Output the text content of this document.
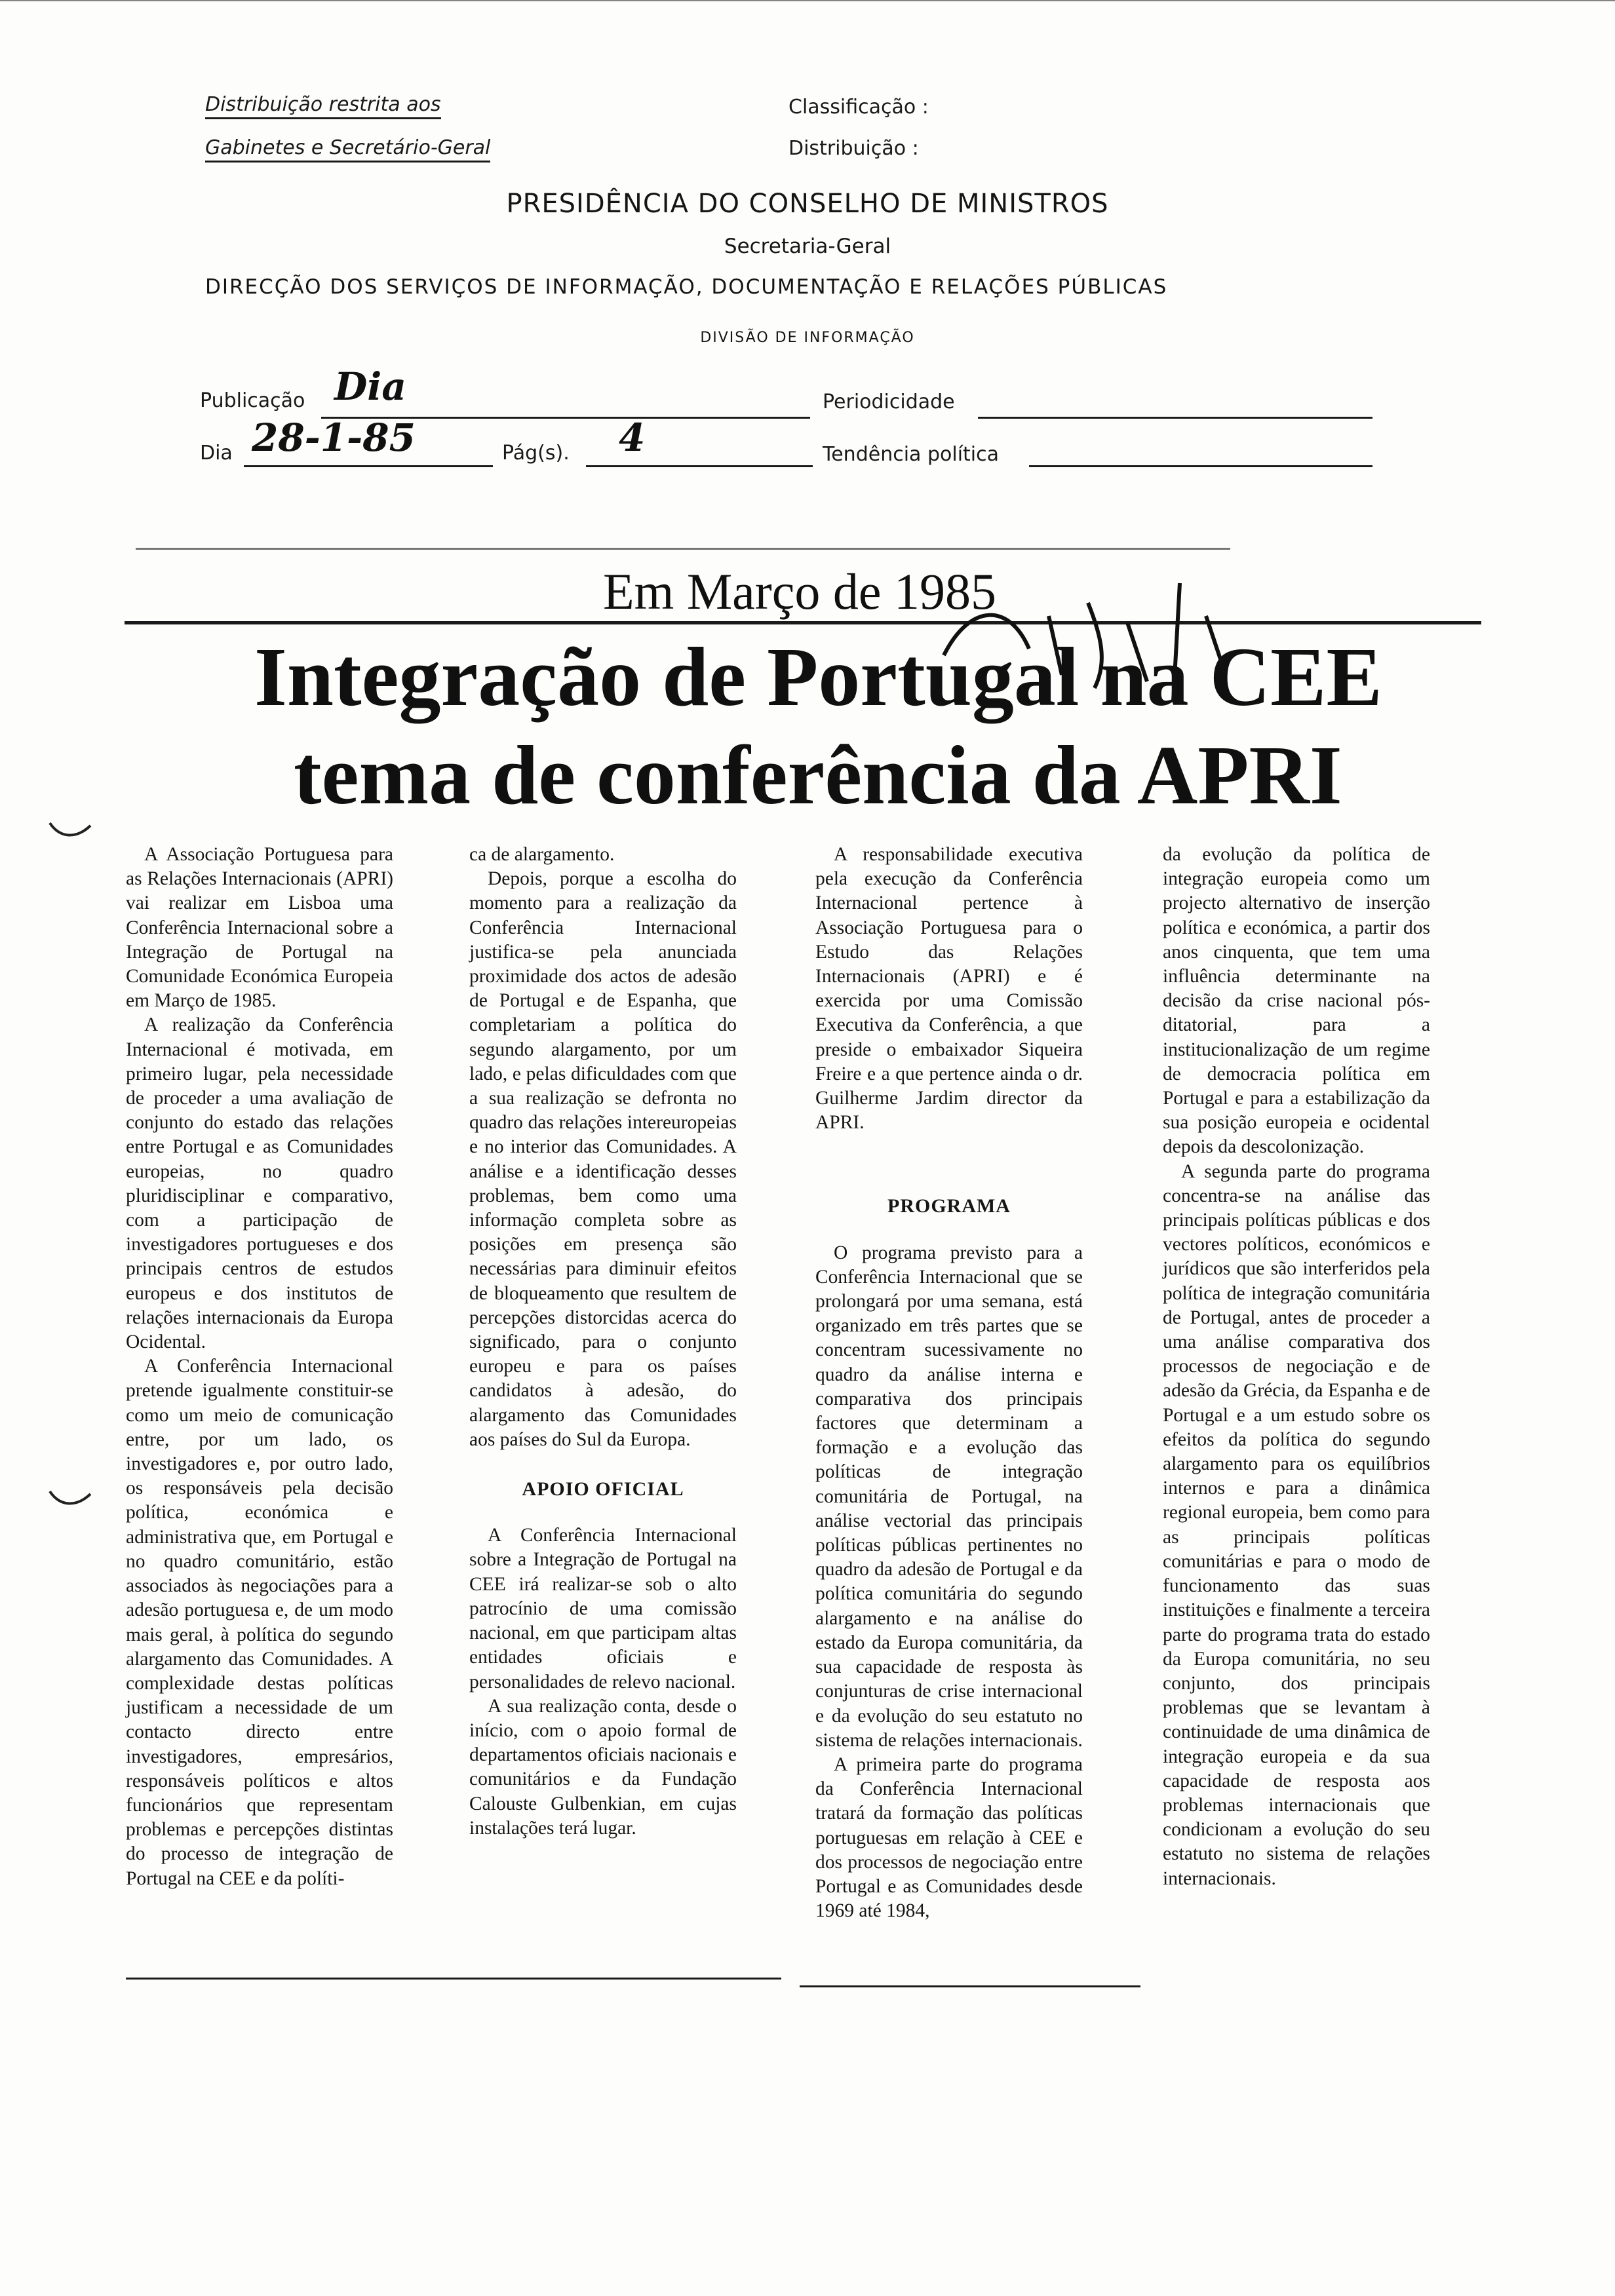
Distribuição restrita aos
Gabinetes e Secretário-Geral
Classificação :
Distribuição :
PRESIDÊNCIA DO CONSELHO DE MINISTROS
Secretaria-Geral
DIRECÇÃO DOS SERVIÇOS DE INFORMAÇÃO, DOCUMENTAÇÃO E RELAÇÕES PÚBLICAS
DIVISÃO DE INFORMAÇÃO
Publicação Dia	Periodicidade
Dia 28-1-85	Pág(s). 4	Tendência política
Em Março de 1985
Integração de Portugal na CEE
tema de conferência da APRI

A Associação Portuguesa para as Relações Internacionais (APRI) vai realizar em Lisboa uma Conferência Internacional sobre a Integração de Portugal na Comunidade Económica Europeia em Março de 1985.

A realização da Conferência Internacional é motivada, em primeiro lugar, pela necessidade de proceder a uma avaliação de conjunto do estado das relações entre Portugal e as Comunidades europeias, no quadro pluridisciplinar e comparativo, com a participação de investigadores portugueses e dos principais centros de estudos europeus e dos institutos de relações internacionais da Europa Ocidental.

A Conferência Internacional pretende igualmente constituir-se como um meio de comunicação entre, por um lado, os investigadores e, por outro lado, os responsáveis pela decisão política, económica e administrativa que, em Portugal e no quadro comunitário, estão associados às negociações para a adesão portuguesa e, de um modo mais geral, à política do segundo alargamento das Comunidades. A complexidade destas políticas justificam a necessidade de um contacto directo entre investigadores, empresários, responsáveis políticos e altos funcionários que representam problemas e percepções distintas do processo de integração de Portugal na CEE e da políti-

ca de alargamento.

Depois, porque a escolha do momento para a realização da Conferência Internacional justifica-se pela anunciada proximidade dos actos de adesão de Portugal e de Espanha, que completariam a política do segundo alargamento, por um lado, e pelas dificuldades com que a sua realização se defronta no quadro das relações intereuropeias e no interior das Comunidades. A análise e a identificação desses problemas, bem como uma informação completa sobre as posições em presença são necessárias para diminuir efeitos de bloqueamento que resultem de percepções distorcidas acerca do significado, para o conjunto europeu e para os países candidatos à adesão, do alargamento das Comunidades aos países do Sul da Europa.

APOIO OFICIAL

A Conferência Internacional sobre a Integração de Portugal na CEE irá realizar-se sob o alto patrocínio de uma comissão nacional, em que participam altas entidades oficiais e personalidades de relevo nacional.

A sua realização conta, desde o início, com o apoio formal de departamentos oficiais nacionais e comunitários e da Fundação Calouste Gulbenkian, em cujas instalações terá lugar.

A responsabilidade executiva pela execução da Conferência Internacional pertence à Associação Portuguesa para o Estudo das Relações Internacionais (APRI) e é exercida por uma Comissão Executiva da Conferência, a que preside o embaixador Siqueira Freire e a que pertence ainda o dr. Guilherme Jardim director da APRI.

PROGRAMA

O programa previsto para a Conferência Internacional que se prolongará por uma semana, está organizado em três partes que se concentram sucessivamente no quadro da análise interna e comparativa dos principais factores que determinam a formação e a evolução das políticas de integração comunitária de Portugal, na análise vectorial das principais políticas públicas pertinentes no quadro da adesão de Portugal e da política comunitária do segundo alargamento e na análise do estado da Europa comunitária, da sua capacidade de resposta às conjunturas de crise internacional e da evolução do seu estatuto no sistema de relações internacionais.

A primeira parte do programa da Conferência Internacional tratará da formação das políticas portuguesas em relação à CEE e dos processos de negociação entre Portugal e as Comunidades desde 1969 até 1984,

da evolução da política de integração europeia como um projecto alternativo de inserção política e económica, a partir dos anos cinquenta, que tem uma influência determinante na decisão da crise nacional pós-ditatorial, para a institucionalização de um regime de democracia política em Portugal e para a estabilização da sua posição europeia e ocidental depois da descolonização.

A segunda parte do programa concentra-se na análise das principais políticas públicas e dos vectores políticos, económicos e jurídicos que são interferidos pela política de integração comunitária de Portugal, antes de proceder a uma análise comparativa dos processos de negociação e de adesão da Grécia, da Espanha e de Portugal e a um estudo sobre os efeitos da política do segundo alargamento para os equilíbrios internos e para a dinâmica regional europeia, bem como para as principais políticas comunitárias e para o modo de funcionamento das suas instituições e finalmente a terceira parte do programa trata do estado da Europa comunitária, no seu conjunto, dos principais problemas que se levantam à continuidade de uma dinâmica de integração europeia e da sua capacidade de resposta aos problemas internacionais que condicionam a evolução do seu estatuto no sistema de relações internacionais.
